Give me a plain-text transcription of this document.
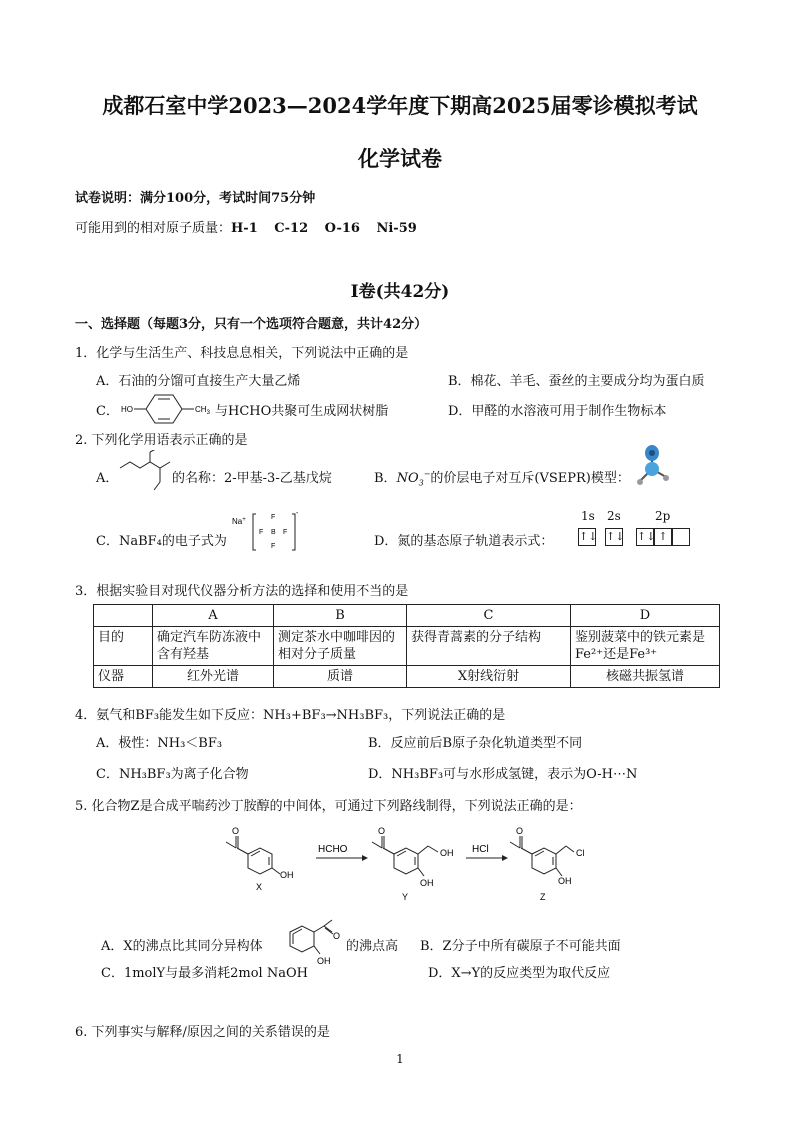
成都石室中学2023—2024学年度下期高2025届零诊模拟考试
化学试卷
试卷说明：满分100分，考试时间75分钟
可能用到的相对原子质量：H-1 C-12 O-16 Ni-59
Ⅰ卷(共42分)
一、选择题（每题3分，只有一个选项符合题意，共计42分）
1．化学与生活生产、科技息息相关，下列说法中正确的是
A．石油的分馏可直接生产大量乙烯	B．棉花、羊毛、蚕丝的主要成分均为蛋白质
C． HO	$CH_3$ 与HCHO共聚可生成网状树脂	D．甲醛的水溶液可用于制作生物标本
2. 下列化学用语表示正确的是
A．	的名称：2-甲基-3-乙基戊烷	B．$NO_3^-$的价层电子对互斥(VSEPR)模型：
C．NaBF₄的电子式为
Na+
-
F
F B F
F	D．氮的基态原子轨道表示式：
1s 2s	2p
↑↓ ↑↓ ↑↓ ↑
3．根据实验目对现代仪器分析方法的选择和使用不当的是
	A	B	C	D
目的	确定汽车防冻液中含有羟基	测定茶水中咖啡因的相对分子质量	获得青蒿素的分子结构	鉴别菠菜中的铁元素是Fe²⁺还是Fe³⁺
仪器	红外光谱	质谱	X射线衍射	核磁共振氢谱
4．氨气和BF₃能发生如下反应：NH₃+BF₃→NH₃BF₃，下列说法正确的是
A．极性：NH₃＜BF₃	B．反应前后B原子杂化轨道类型不同
C．NH₃BF₃为离子化合物	D．NH₃BF₃可与水形成氢键，表示为O-H⋯N
5. 化合物Z是合成平喘药沙丁胺醇的中间体，可通过下列路线制得，下列说法正确的是：
O
OH
X
HCHO
O
OH
OH
Y
HCl
O
Cl
OH
Z
A．X的沸点比其同分异构体
O
OH
的沸点高 B．Z分子中所有碳原子不可能共面
C．1molY与最多消耗2mol NaOH	D．X→Y的反应类型为取代反应
6. 下列事实与解释/原因之间的关系错误的是
1
